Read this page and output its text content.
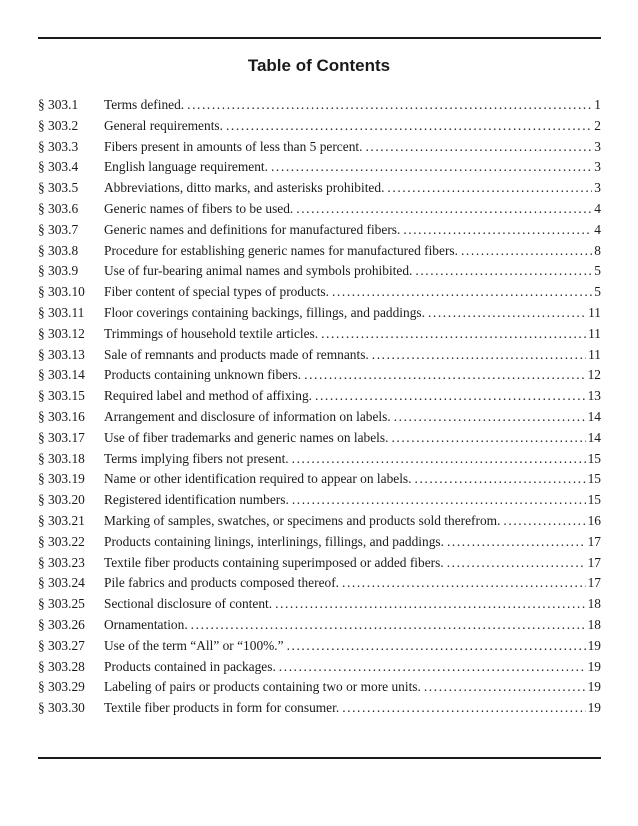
Table of Contents
§ 303.1	Terms defined. .....	1
§ 303.2	General requirements. .....	2
§ 303.3	Fibers present in amounts of less than 5 percent. .....	3
§ 303.4	English language requirement. .....	3
§ 303.5	Abbreviations, ditto marks, and asterisks prohibited. .....	3
§ 303.6	Generic names of fibers to be used. .....	4
§ 303.7	Generic names and definitions for manufactured fibers. .....	4
§ 303.8	Procedure for establishing generic names for manufactured fibers. .....	8
§ 303.9	Use of fur-bearing animal names and symbols prohibited. .....	5
§ 303.10	Fiber content of special types of products. .....	5
§ 303.11	Floor coverings containing backings, fillings, and paddings. .....	11
§ 303.12	Trimmings of household textile articles. .....	11
§ 303.13	Sale of remnants and products made of remnants. .....	11
§ 303.14	Products containing unknown fibers. .....	12
§ 303.15	Required label and method of affixing. .....	13
§ 303.16	Arrangement and disclosure of information on labels. .....	14
§ 303.17	Use of fiber trademarks and generic names on labels. .....	14
§ 303.18	Terms implying fibers not present. .....	15
§ 303.19	Name or other identification required to appear on labels. .....	15
§ 303.20	Registered identification numbers. .....	15
§ 303.21	Marking of samples, swatches, or specimens and products sold therefrom. .....	16
§ 303.22	Products containing linings, interlinings, fillings, and paddings. .....	17
§ 303.23	Textile fiber products containing superimposed or added fibers. .....	17
§ 303.24	Pile fabrics and products composed thereof. .....	17
§ 303.25	Sectional disclosure of content. .....	18
§ 303.26	Ornamentation. .....	18
§ 303.27	Use of the term “All” or “100%.” .....	19
§ 303.28	Products contained in packages. .....	19
§ 303.29	Labeling of pairs or products containing two or more units. .....	19
§ 303.30	Textile fiber products in form for consumer. .....	19
